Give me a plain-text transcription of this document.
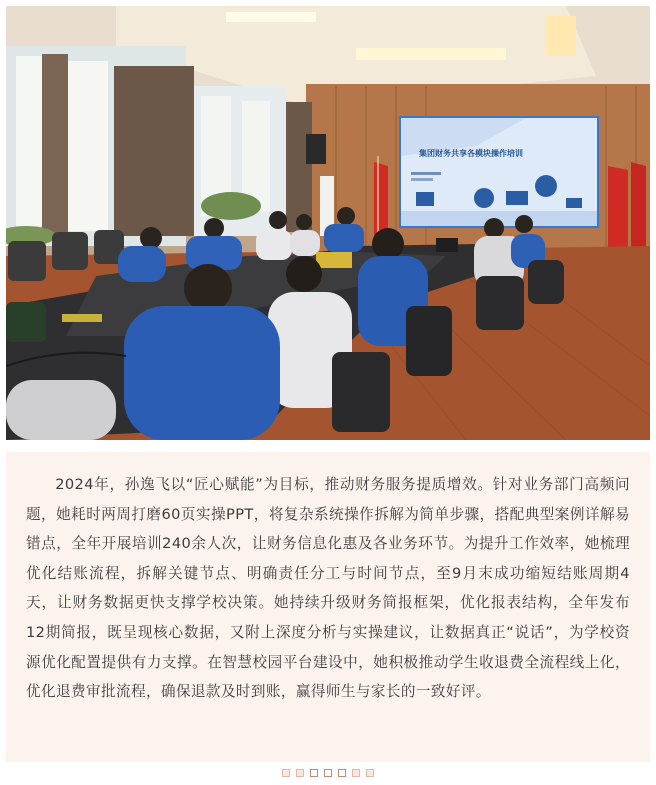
集团财务共享各模块操作培训

2024年，孙逸飞以“匠心赋能”为目标，推动财务服务提质增效。针对业务部门高频问题，她耗时两周打磨60页实操PPT，将复杂系统操作拆解为简单步骤，搭配典型案例详解易错点，全年开展培训240余人次，让财务信息化惠及各业务环节。为提升工作效率，她梳理优化结账流程，拆解关键节点、明确责任分工与时间节点，至9月末成功缩短结账周期4天，让财务数据更快支撑学校决策。她持续升级财务简报框架，优化报表结构，全年发布12期简报，既呈现核心数据，又附上深度分析与实操建议，让数据真正“说话”，为学校资源优化配置提供有力支撑。在智慧校园平台建设中，她积极推动学生收退费全流程线上化，优化退费审批流程，确保退款及时到账，赢得师生与家长的一致好评。
